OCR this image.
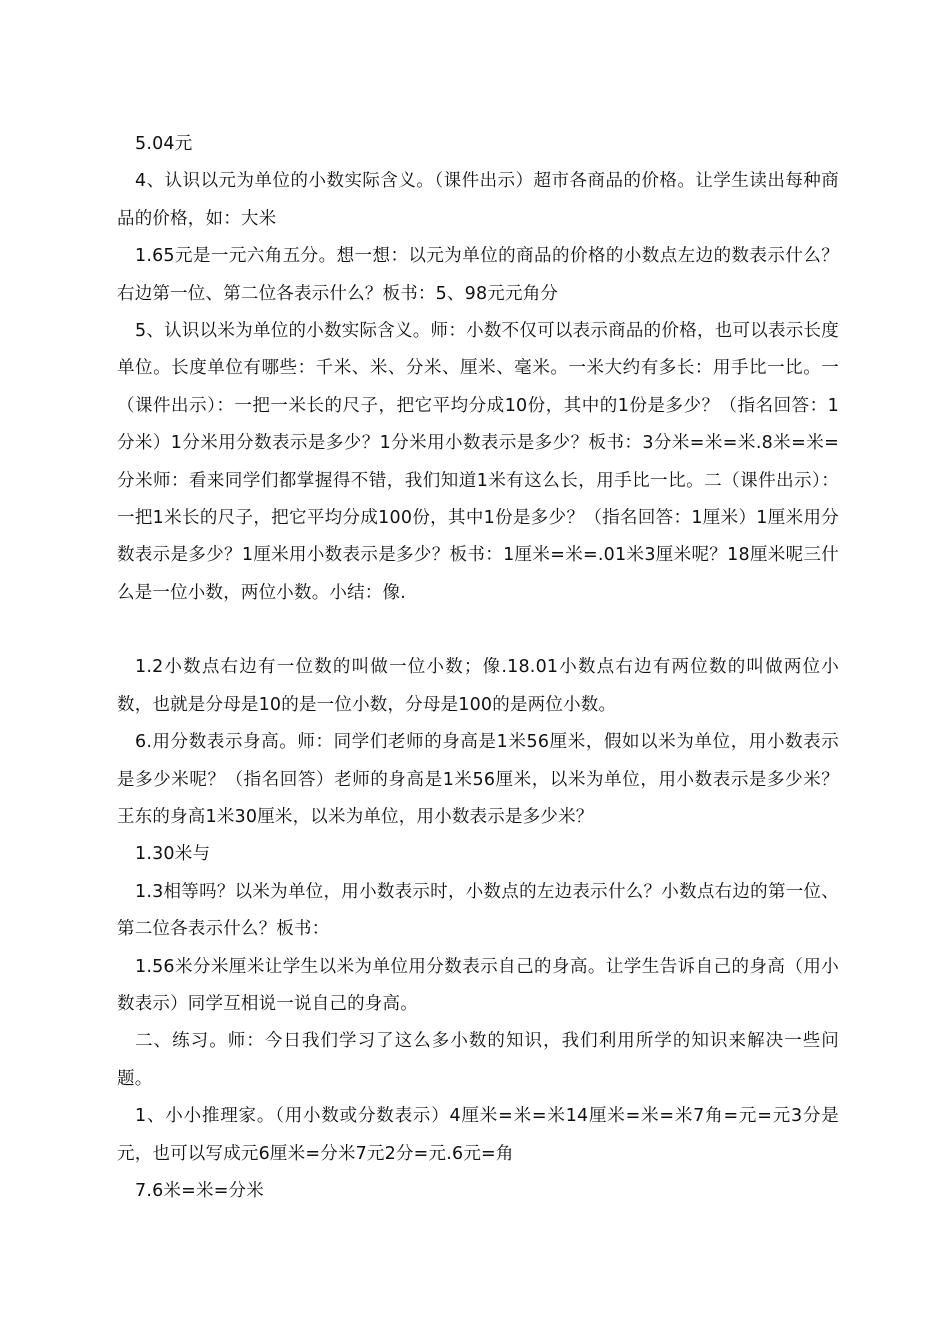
5.04元

4、认识以元为单位的小数实际含义。（课件出示）超市各商品的价格。让学生读出每种商品的价格，如：大米

1.65元是一元六角五分。想一想：以元为单位的商品的价格的小数点左边的数表示什么？右边第一位、第二位各表示什么？板书：5、98元元角分

5、认识以米为单位的小数实际含义。师：小数不仅可以表示商品的价格，也可以表示长度单位。长度单位有哪些：千米、米、分米、厘米、毫米。一米大约有多长：用手比一比。一（课件出示）：一把一米长的尺子，把它平均分成10份，其中的1份是多少？（指名回答：1分米）1分米用分数表示是多少？1分米用小数表示是多少？板书：3分米=米=米.8米=米=分米师：看来同学们都掌握得不错，我们知道1米有这么长，用手比一比。二（课件出示）：一把1米长的尺子，把它平均分成100份，其中1份是多少？（指名回答：1厘米）1厘米用分数表示是多少？1厘米用小数表示是多少？板书：1厘米=米=.01米3厘米呢？18厘米呢三什么是一位小数，两位小数。小结：像.

1.2小数点右边有一位数的叫做一位小数；像.18.01小数点右边有两位数的叫做两位小数，也就是分母是10的是一位小数，分母是100的是两位小数。

6.用分数表示身高。师：同学们老师的身高是1米56厘米，假如以米为单位，用小数表示是多少米呢？（指名回答）老师的身高是1米56厘米，以米为单位，用小数表示是多少米？王东的身高1米30厘米，以米为单位，用小数表示是多少米？

1.30米与

1.3相等吗？以米为单位，用小数表示时，小数点的左边表示什么？小数点右边的第一位、第二位各表示什么？板书：

1.56米分米厘米让学生以米为单位用分数表示自己的身高。让学生告诉自己的身高（用小数表示）同学互相说一说自己的身高。

二、练习。师：今日我们学习了这么多小数的知识，我们利用所学的知识来解决一些问题。

1、小小推理家。（用小数或分数表示）4厘米=米=米14厘米=米=米7角=元=元3分是元，也可以写成元6厘米=分米7元2分=元.6元=角

7.6米=米=分米
